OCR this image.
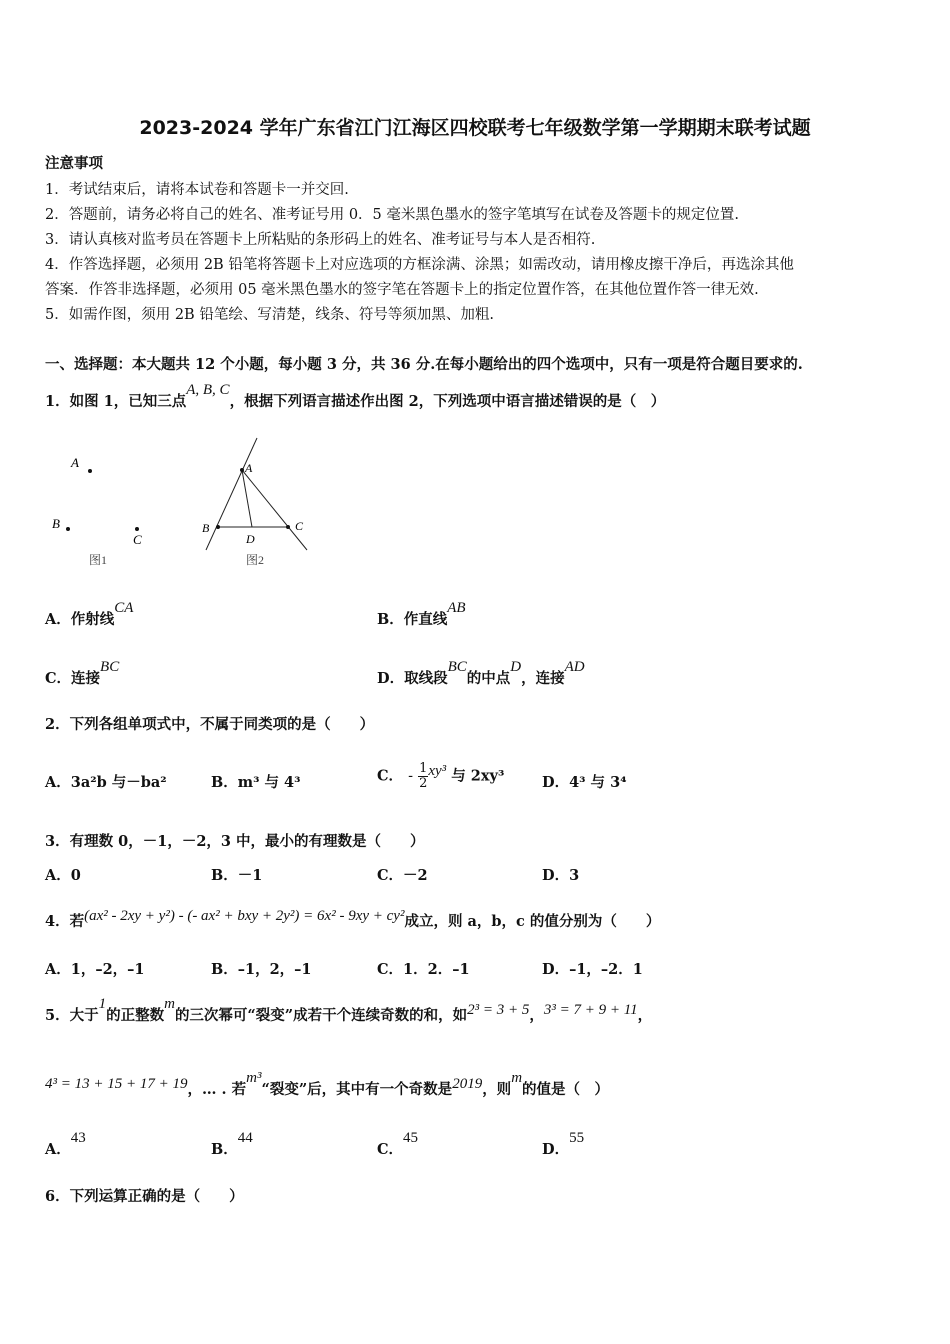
2023-2024 学年广东省江门江海区四校联考七年级数学第一学期期末联考试题
注意事项
1．考试结束后，请将本试卷和答题卡一并交回.
2．答题前，请务必将自己的姓名、准考证号用 0．5 毫米黑色墨水的签字笔填写在试卷及答题卡的规定位置.
3．请认真核对监考员在答题卡上所粘贴的条形码上的姓名、准考证号与本人是否相符.
4．作答选择题，必须用 2B 铅笔将答题卡上对应选项的方框涂满、涂黑；如需改动，请用橡皮擦干净后，再选涂其他
答案．作答非选择题，必须用 05 毫米黑色墨水的签字笔在答题卡上的指定位置作答，在其他位置作答一律无效.
5．如需作图，须用 2B 铅笔绘、写清楚，线条、符号等须加黑、加粗.
一、选择题：本大题共 12 个小题，每小题 3 分，共 36 分.在每小题给出的四个选项中，只有一项是符合题目要求的.
1．如图 1，已知三点A, B, C，根据下列语言描述作出图 2，下列选项中语言描述错误的是（　）
A
B
C
图1
A
B	C
D
图2
A．作射线CA
B．作直线AB
C．连接BC
D．取线段BC的中点D，连接AD
2．下列各组单项式中，不属于同类项的是（　　）
A．3a²b 与－ba²	B．m³ 与 4³	C． - $\frac{1}{2} xy^3$ 与 2xy³	D．4³ 与 3⁴
3．有理数 0，－1，－2，3 中，最小的有理数是（　　）
A．0	B．－1	C．－2	D．3
4．若(ax² - 2xy + y²) - (- ax² + bxy + 2y²) = 6x² - 9xy + cy²成立，则 a，b，c 的值分别为（　　）
A．1，–2，–1	B．–1，2，–1	C．1．2．–1	D．–1，–2．1
5．大于1的正整数m的三次幂可“裂变”成若干个连续奇数的和，如2³ = 3 + 5，3³ = 7 + 9 + 11，
4³ = 13 + 15 + 17 + 19，… . 若m³“裂变”后，其中有一个奇数是2019，则m的值是（　）
A．43
B．44
C．45
D．55
6．下列运算正确的是（　　）
